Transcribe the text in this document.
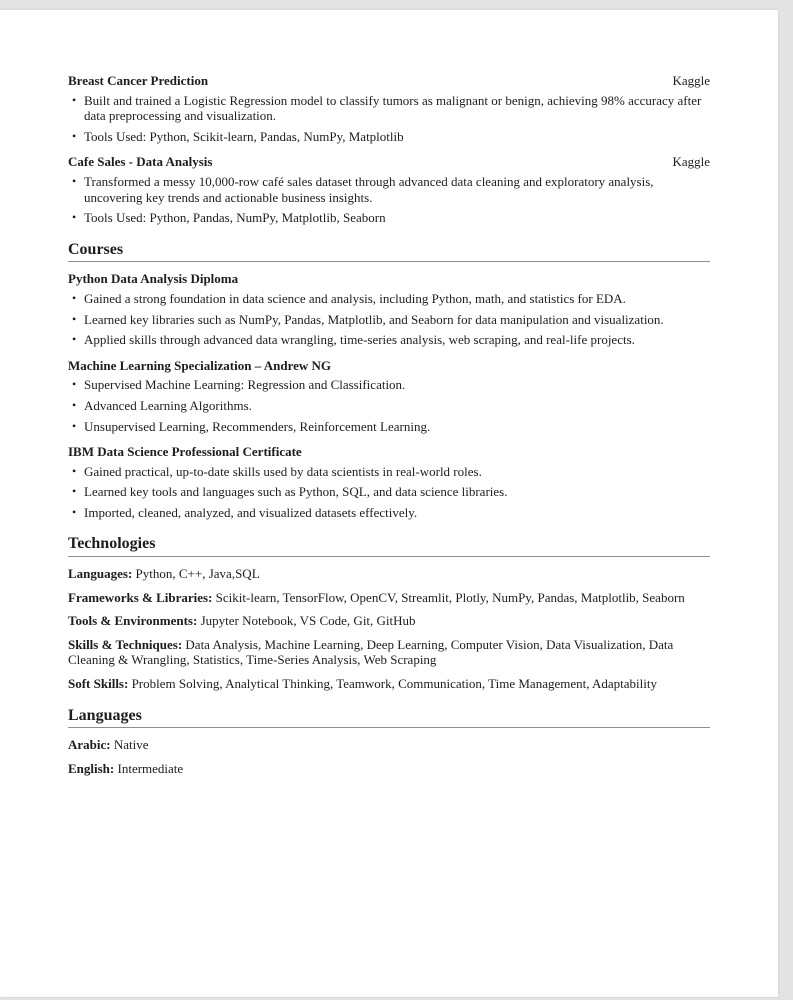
Breast Cancer Prediction	Kaggle
• Built and trained a Logistic Regression model to classify tumors as malignant or benign, achieving 98% accuracy after data preprocessing and visualization.
• Tools Used: Python, Scikit-learn, Pandas, NumPy, Matplotlib
Cafe Sales - Data Analysis	Kaggle
• Transformed a messy 10,000-row café sales dataset through advanced data cleaning and exploratory analysis, uncovering key trends and actionable business insights.
• Tools Used: Python, Pandas, NumPy, Matplotlib, Seaborn
Courses
Python Data Analysis Diploma
• Gained a strong foundation in data science and analysis, including Python, math, and statistics for EDA.
• Learned key libraries such as NumPy, Pandas, Matplotlib, and Seaborn for data manipulation and visualization.
• Applied skills through advanced data wrangling, time-series analysis, web scraping, and real-life projects.
Machine Learning Specialization – Andrew NG
• Supervised Machine Learning: Regression and Classification.
• Advanced Learning Algorithms.
• Unsupervised Learning, Recommenders, Reinforcement Learning.
IBM Data Science Professional Certificate
• Gained practical, up-to-date skills used by data scientists in real-world roles.
• Learned key tools and languages such as Python, SQL, and data science libraries.
• Imported, cleaned, analyzed, and visualized datasets effectively.
Technologies

Languages: Python, C++, Java,SQL

Frameworks & Libraries: Scikit-learn, TensorFlow, OpenCV, Streamlit, Plotly, NumPy, Pandas, Matplotlib, Seaborn

Tools & Environments: Jupyter Notebook, VS Code, Git, GitHub

Skills & Techniques: Data Analysis, Machine Learning, Deep Learning, Computer Vision, Data Visualization, Data Cleaning & Wrangling, Statistics, Time-Series Analysis, Web Scraping

Soft Skills: Problem Solving, Analytical Thinking, Teamwork, Communication, Time Management, Adaptability

Languages

Arabic: Native

English: Intermediate
